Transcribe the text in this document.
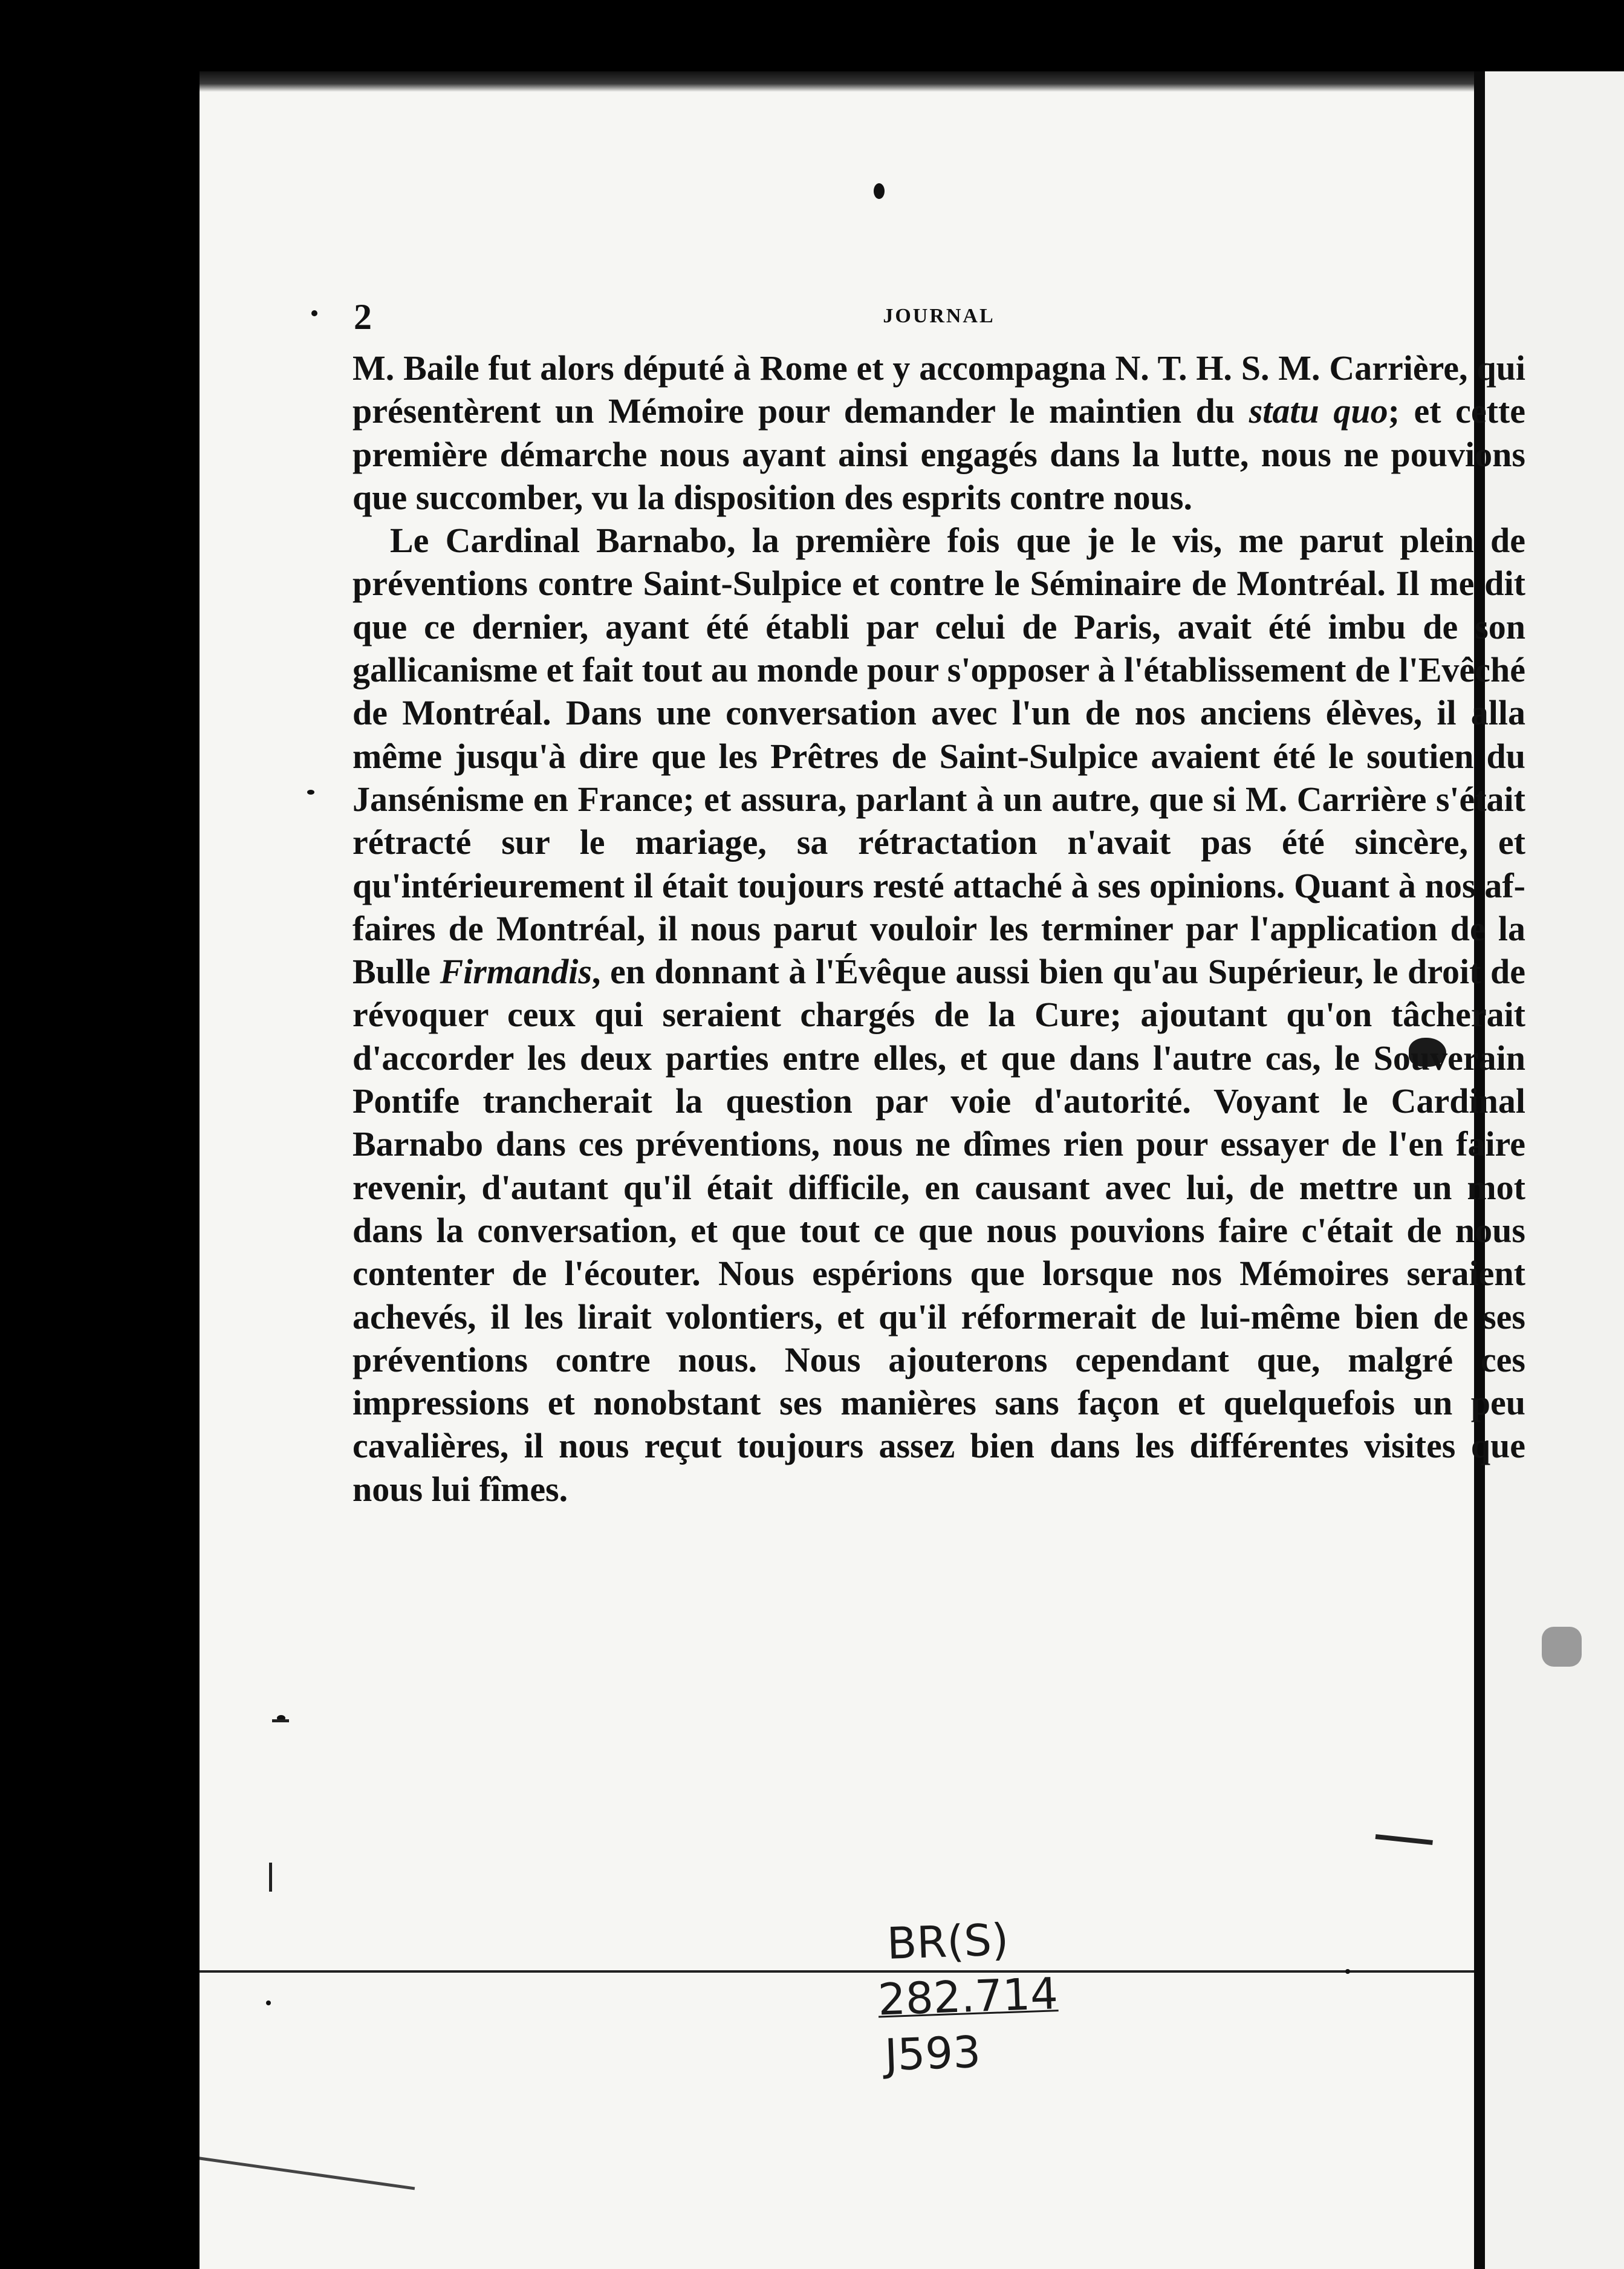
2	JOURNAL

M. Baile fut alors député à Rome et y accompagna N. T. H. S. M. Carrière, qui présentèrent un Mémoire pour demander le maintien du statu quo; et cette première démarche nous ayant ainsi engagés dans la lutte, nous ne pouvions que succomber, vu la disposition des esprits contre nous.

Le Cardinal Barnabo, la première fois que je le vis, me parut plein de préventions contre Saint-Sulpice et contre le Séminaire de Montréal. Il me dit que ce dernier, ayant été établi par celui de Paris, avait été imbu de son gallicanisme et fait tout au monde pour s'opposer à l'établissement de l'Evêché de Montréal. Dans une conversation avec l'un de nos anciens élèves, il alla même jusqu'à dire que les Prêtres de Saint-Sulpice avaient été le soutien du Jansénisme en France; et assura, parlant à un autre, que si M. Carrière s'était rétracté sur le mariage, sa rétractation n'avait pas été sincère, et qu'intérieurement il était toujours resté attaché à ses opinions. Quant à nos affaires de Montréal, il nous parut vouloir les terminer par l'application de la Bulle Firmandis, en donnant à l'Évêque aussi bien qu'au Supérieur, le droit de révoquer ceux qui seraient chargés de la Cure; ajoutant qu'on tâcherait d'accorder les deux parties entre elles, et que dans l'autre cas, le Souverain Pontife trancherait la question par voie d'autorité. Voyant le Cardinal Barnabo dans ces préventions, nous ne dîmes rien pour essayer de l'en faire revenir, d'autant qu'il était difficile, en causant avec lui, de mettre un mot dans la conversation, et que tout ce que nous pouvions faire c'était de nous contenter de l'écouter. Nous espérions que lorsque nos Mémoires seraient achevés, il les lirait volontiers, et qu'il réformerait de lui-même bien de ses préventions contre nous. Nous ajouterons cependant que, malgré ces impressions et nonobstant ses manières sans façon et quelquefois un peu cavalières, il nous reçut toujours assez bien dans les différentes visites que nous lui fîmes.

BR(S)
282.714
J593
